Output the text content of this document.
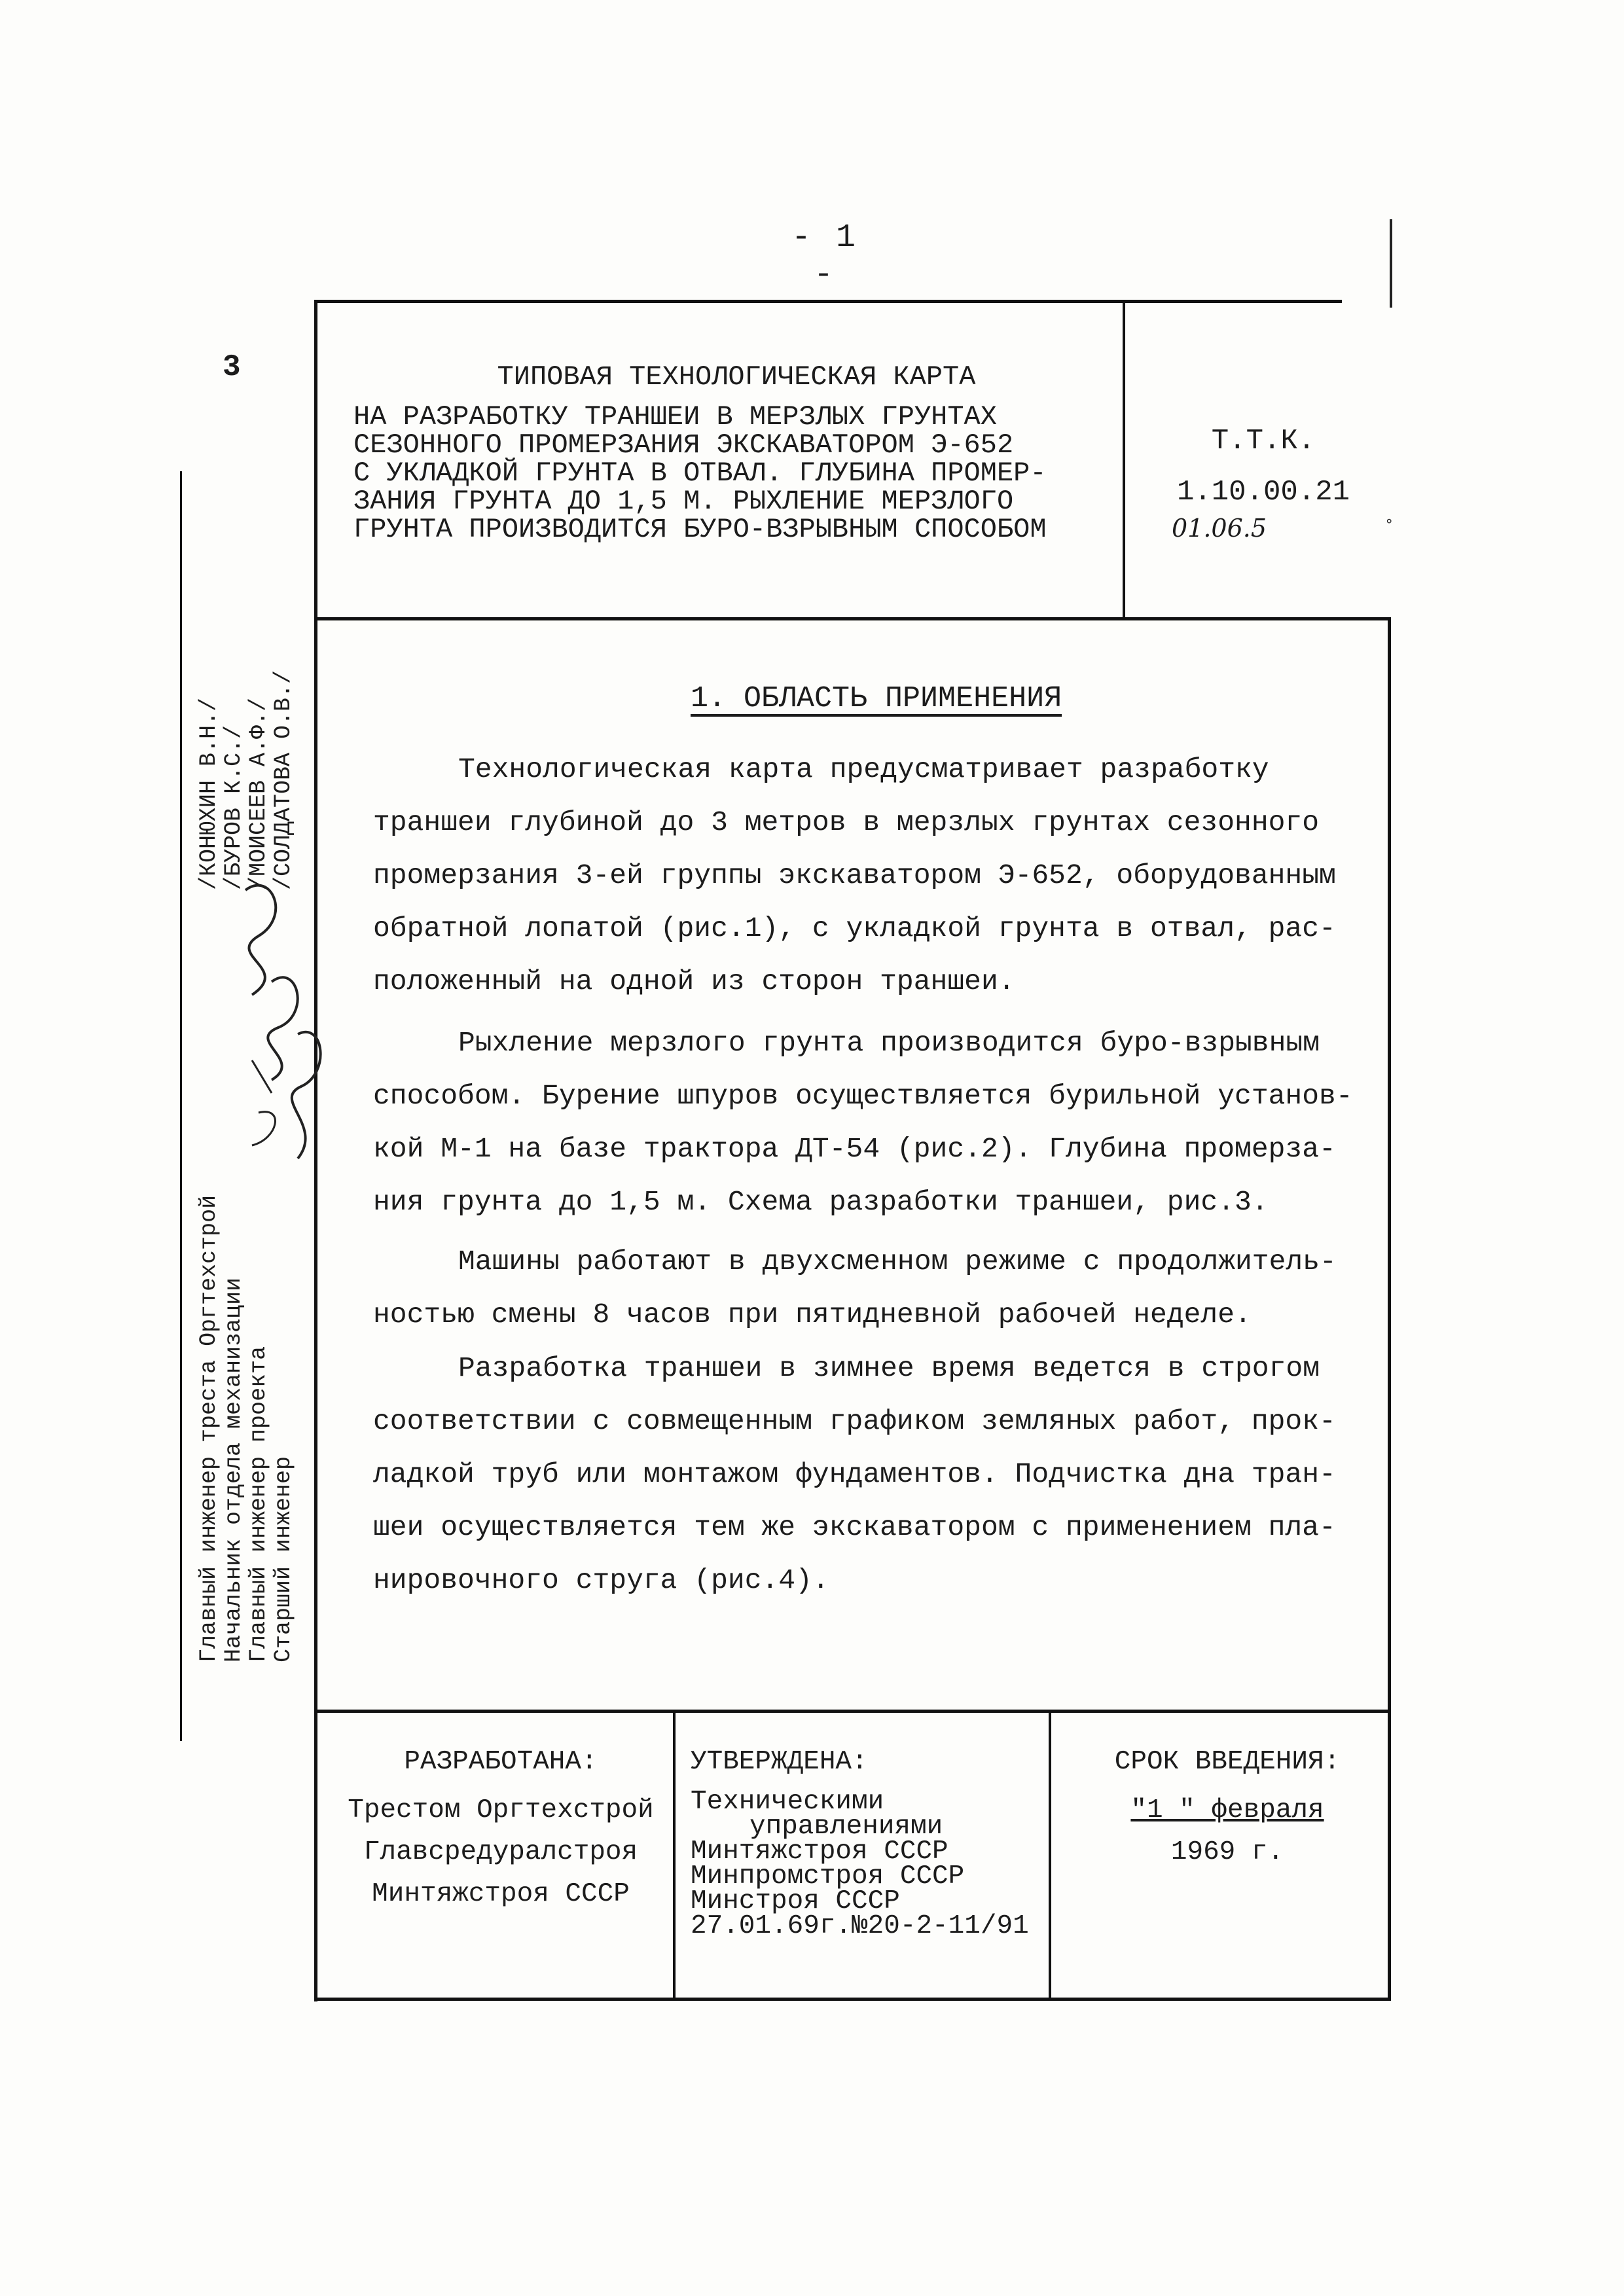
- 1 -
3
°
ТИПОВАЯ ТЕХНОЛОГИЧЕСКАЯ КАРТА
НА РАЗРАБОТКУ ТРАНШЕИ В МЕРЗЛЫХ ГРУНТАХ
СЕЗОННОГО ПРОМЕРЗАНИЯ ЭКСКАВАТОРОМ Э-652
С УКЛАДКОЙ ГРУНТА В ОТВАЛ. ГЛУБИНА ПРОМЕР-
ЗАНИЯ ГРУНТА ДО 1,5 М. РЫХЛЕНИЕ МЕРЗЛОГО
ГРУНТА ПРОИЗВОДИТСЯ БУРО-ВЗРЫВНЫМ СПОСОБОМ
Т.Т.К.
1.10.00.21
01.06.5
1. ОБЛАСТЬ ПРИМЕНЕНИЯ
Технологическая карта предусматривает разработку
траншеи глубиной до 3 метров в мерзлых грунтах сезонного
промерзания 3-ей группы экскаватором Э-652, оборудованным
обратной лопатой (рис.1), с укладкой грунта в отвал, рас-
положенный на одной из сторон траншеи.
Рыхление мерзлого грунта производится буро-взрывным
способом. Бурение шпуров осуществляется бурильной установ-
кой М-1 на базе трактора ДТ-54 (рис.2). Глубина промерза-
ния грунта до 1,5 м. Схема разработки траншеи, рис.3.
Машины работают в двухсменном режиме с продолжитель-
ностью смены 8 часов при пятидневной рабочей неделе.
Разработка траншеи в зимнее время ведется в строгом
соответствии с совмещенным графиком земляных работ, прок-
ладкой труб или монтажом фундаментов. Подчистка дна тран-
шеи осуществляется тем же экскаватором с применением пла-
нировочного струга (рис.4).
Главный инженер треста Оргтехстрой
/КОНЮХИН В.Н./
Начальник отдела механизации
/БУРОВ К.С./
Главный инженер проекта
/МОИСЕЕВ А.Ф./
Старший инженер
/СОЛДАТОВА О.В./
РАЗРАБОТАНА:
Трестом Оргтехстрой
Главсредуралстроя
Минтяжстроя СССР
УТВЕРЖДЕНА:
Техническими
управлениями
Минтяжстроя СССР
Минпромстроя СССР
Минстроя СССР
27.01.69г.№20-2-11/91
СРОК ВВЕДЕНИЯ:
"1 " февраля
1969 г.
